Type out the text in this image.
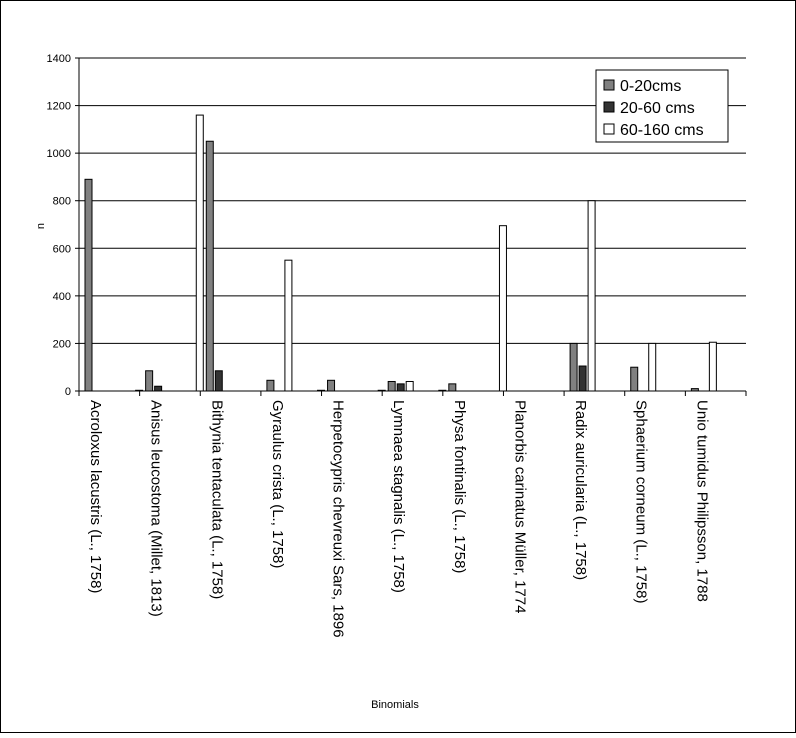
0
200
400
600
800
1000
1200
1400
Acroloxus lacustris (L., 1758)	Anisus leucostoma (Millet, 1813)	Bithynia tentaculata (L., 1758)	Gyraulus crista (L., 1758)	Herpetocypris chevreuxi Sars, 1896	Lymnaea stagnalis (L., 1758)	Physa fontinalis (L., 1758)	Planorbis carinatus Müller, 1774	Radix auricularia (L., 1758)	Sphaerium corneum (L., 1758)	Unio tumidus Philipsson, 1788
n
Binomials
0-20cms
20-60 cms
60-160 cms
